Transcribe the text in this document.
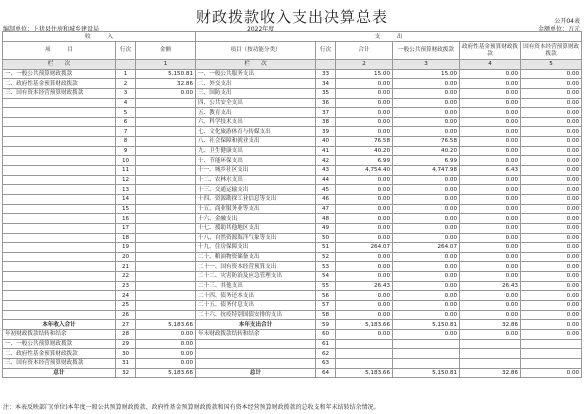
财政拨款收入支出决算总表	公开04表
编制单位：上犹县住房和城乡建设局	2022年度	金额单位：万元
收　　　入			支　　　出					
项　　　目	行次	金额	项目（按功能分类）	行次	合计	一般公共预算财政拨款	政府性基金预算财政拨款	国有资本经营预算财政拨款
栏　　次		1	栏　　次		2	3	4	5
一、一般公共预算财政拨款	1	5,150.81	一、一般公共服务支出	33	15.00	15.00	0.00	0.00
二、政府性基金预算财政拨款	2	32.86	二、外交支出	34	0.00	0.00	0.00	0.00
三、国有资本经营预算财政拨款	3	0.00	三、国防支出	35	0.00	0.00	0.00	0.00
	4		四、公共安全支出	36	0.00	0.00	0.00	0.00
	5		五、教育支出	37	0.00	0.00	0.00	0.00
	6		六、科学技术支出	38	0.00	0.00	0.00	0.00
	7		七、文化旅游体育与传媒支出	39	0.00	0.00	0.00	0.00
	8		八、社会保障和就业支出	40	76.58	76.58	0.00	0.00
	9		九、卫生健康支出	41	40.20	40.20	0.00	0.00
	10		十、节能环保支出	42	6.99	6.99	0.00	0.00
	11		十一、城乡社区支出	43	4,754.40	4,747.98	6.43	0.00
	12		十二、农林水支出	44	0.00	0.00	0.00	0.00
	13		十三、交通运输支出	45	0.00	0.00	0.00	0.00
	14		十四、资源勘探工业信息等支出	46	0.00	0.00	0.00	0.00
	15		十五、商业服务业等支出	47	0.00	0.00	0.00	0.00
	16		十六、金融支出	48	0.00	0.00	0.00	0.00
	17		十七、援助其他地区支出	49	0.00	0.00	0.00	0.00
	18		十八、自然资源海洋气象等支出	50	0.00	0.00	0.00	0.00
	19		十九、住房保障支出	51	264.07	264.07	0.00	0.00
	20		二十、粮油物资储备支出	52	0.00	0.00	0.00	0.00
	21		二十一、国有资本经营预算支出	53	0.00	0.00	0.00	0.00
	22		二十二、灾害防治及应急管理支出	54	0.00	0.00	0.00	0.00
	23		二十三、其他支出	55	26.43	0.00	26.43	0.00
	24		二十四、债务还本支出	56	0.00	0.00	0.00	0.00
	25		二十五、债务付息支出	57	0.00	0.00	0.00	0.00
	26		二十六、抗疫特别国债安排的支出	58	0.00	0.00	0.00	0.00
本年收入合计	27	5,183.66	本年支出合计	59	5,183.66	5,150.81	32.86	0.00
年初财政拨款结转和结余	28	0.00	年末财政拨款结转和结余	60	0.00	0.00	0.00	0.00
一、一般公共预算财政拨款	29	0.00		61				
二、政府性基金预算财政拨款	30	0.00		62				
三、国有资本经营预算财政拨款	31	0.00		63				
总计	32	5,183.66	总计	64	5,183.66	5,150.81	32.86	0.00
注：本表反映部门(单位)本年度一般公共预算财政拨款、政府性基金预算财政拨款和国有资本经营预算财政拨款的总收支和年末结转结余情况。
